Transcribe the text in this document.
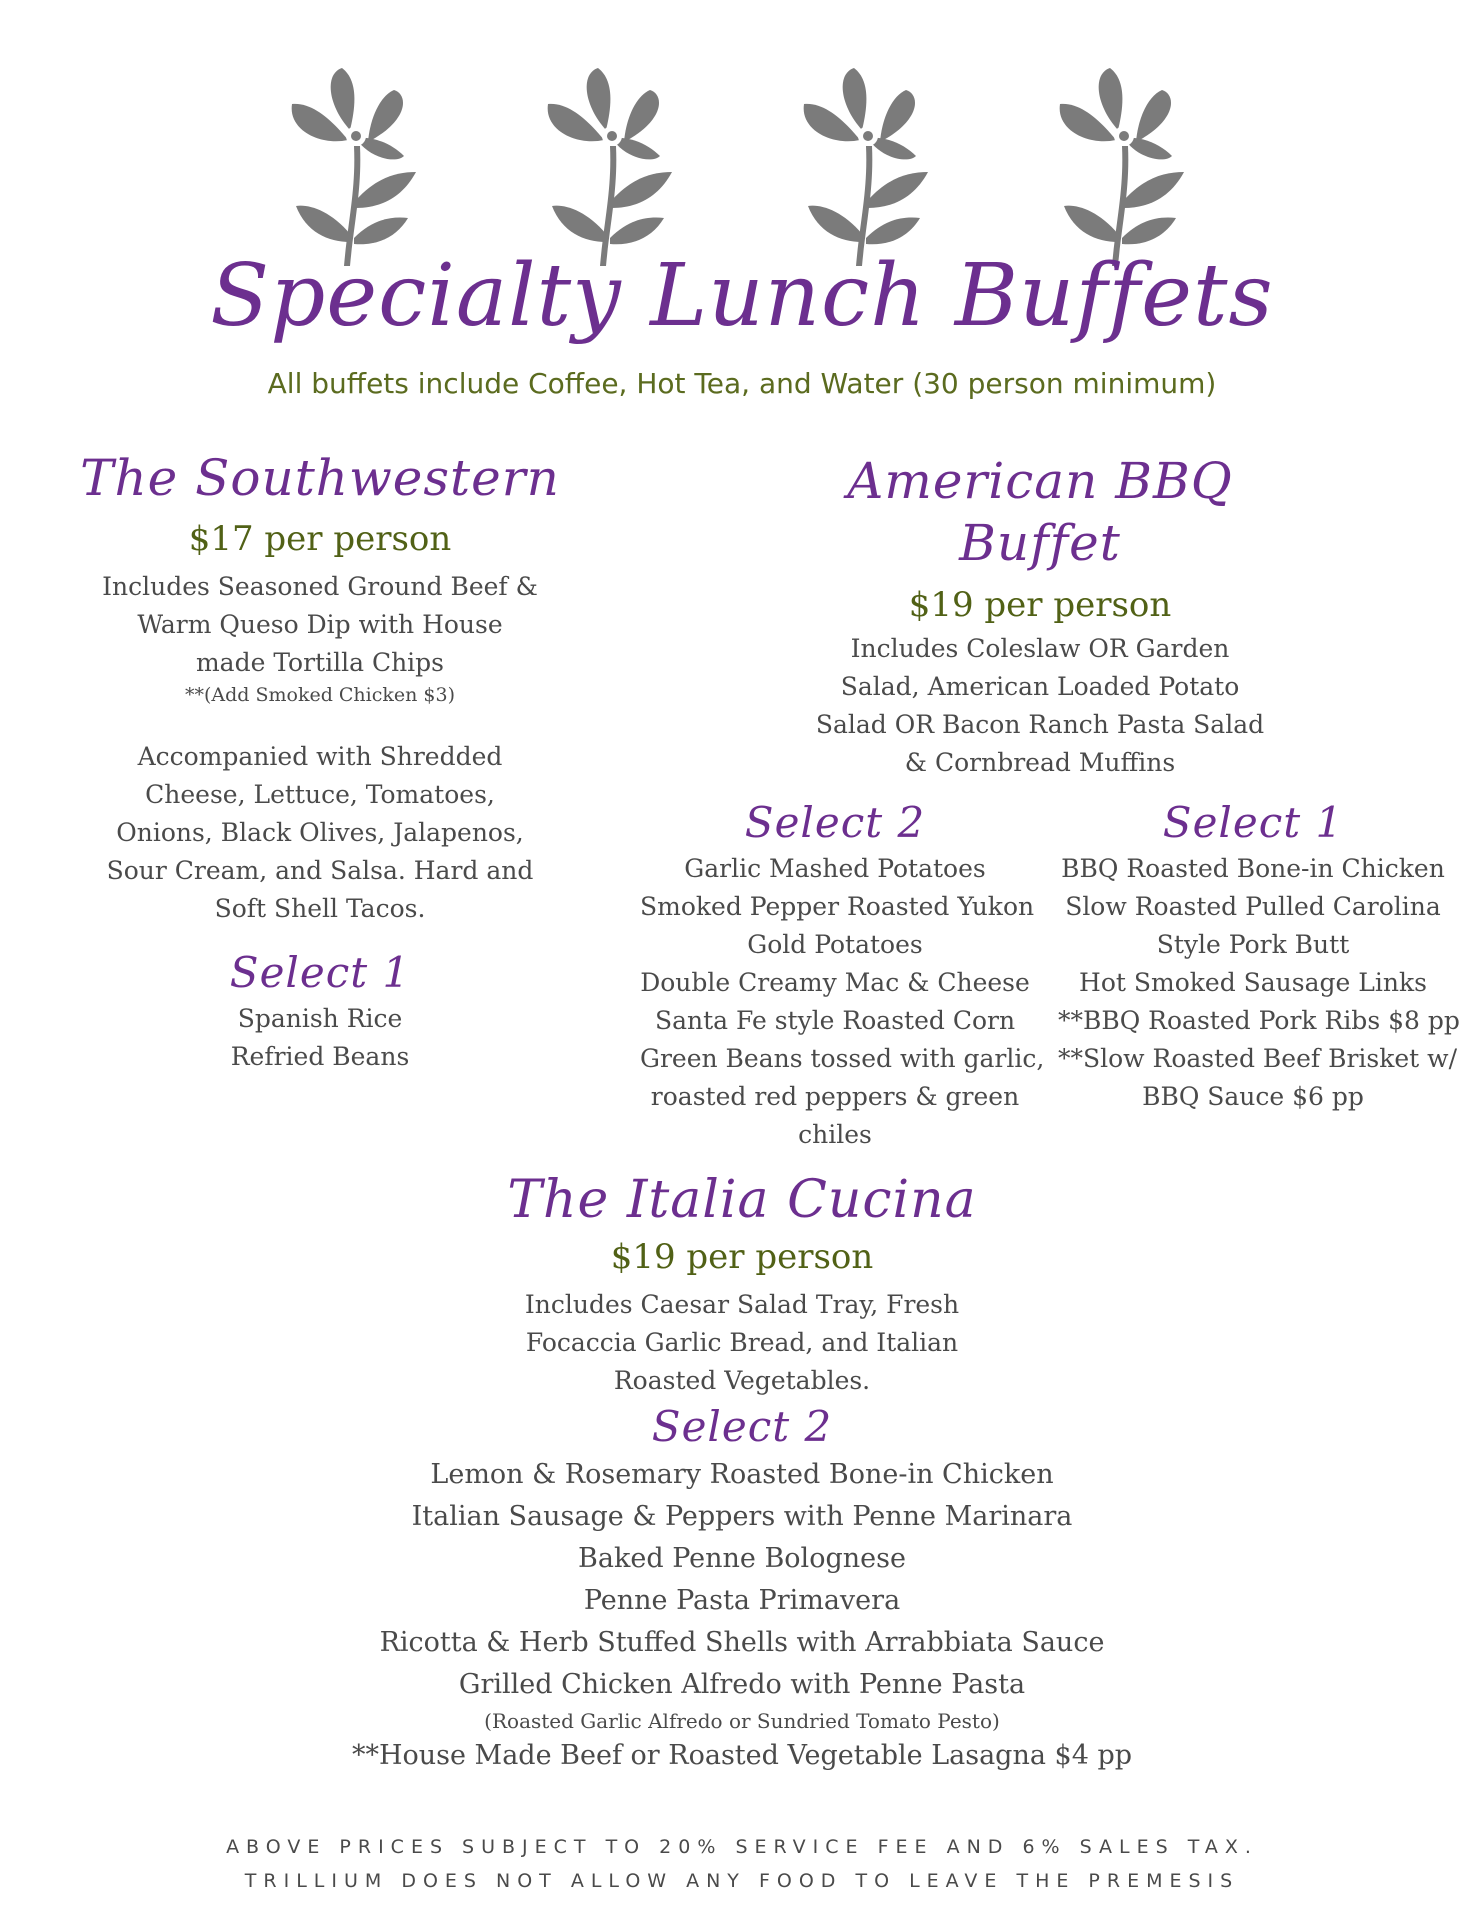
Specialty Lunch Buffets
All buffets include Coffee, Hot Tea, and Water (30 person minimum)
The Southwestern
$17 per person
Includes Seasoned Ground Beef &
Warm Queso Dip with House
made Tortilla Chips
**(Add Smoked Chicken $3)
Accompanied with Shredded
Cheese, Lettuce, Tomatoes,
Onions, Black Olives, Jalapenos,
Sour Cream, and Salsa. Hard and
Soft Shell Tacos.
Select 1
Spanish Rice
Refried Beans
American BBQ
Buffet
$19 per person
Includes Coleslaw OR Garden
Salad, American Loaded Potato
Salad OR Bacon Ranch Pasta Salad
& Cornbread Muffins
Select 2
Garlic Mashed Potatoes
Smoked Pepper Roasted Yukon
Gold Potatoes
Double Creamy Mac & Cheese
Santa Fe style Roasted Corn
Green Beans tossed with garlic,
roasted red peppers & green
chiles
Select 1
BBQ Roasted Bone-in Chicken
Slow Roasted Pulled Carolina
Style Pork Butt
Hot Smoked Sausage Links
**BBQ Roasted Pork Ribs $8 pp
**Slow Roasted Beef Brisket w/
BBQ Sauce $6 pp
The Italia Cucina
$19 per person
Includes Caesar Salad Tray, Fresh
Focaccia Garlic Bread, and Italian
Roasted Vegetables.
Select 2
Lemon & Rosemary Roasted Bone-in Chicken
Italian Sausage & Peppers with Penne Marinara
Baked Penne Bolognese
Penne Pasta Primavera
Ricotta & Herb Stuffed Shells with Arrabbiata Sauce
Grilled Chicken Alfredo with Penne Pasta
(Roasted Garlic Alfredo or Sundried Tomato Pesto)
**House Made Beef or Roasted Vegetable Lasagna $4 pp
ABOVE PRICES SUBJECT TO 20% SERVICE FEE AND 6% SALES TAX.
TRILLIUM DOES NOT ALLOW ANY FOOD TO LEAVE THE PREMESIS
